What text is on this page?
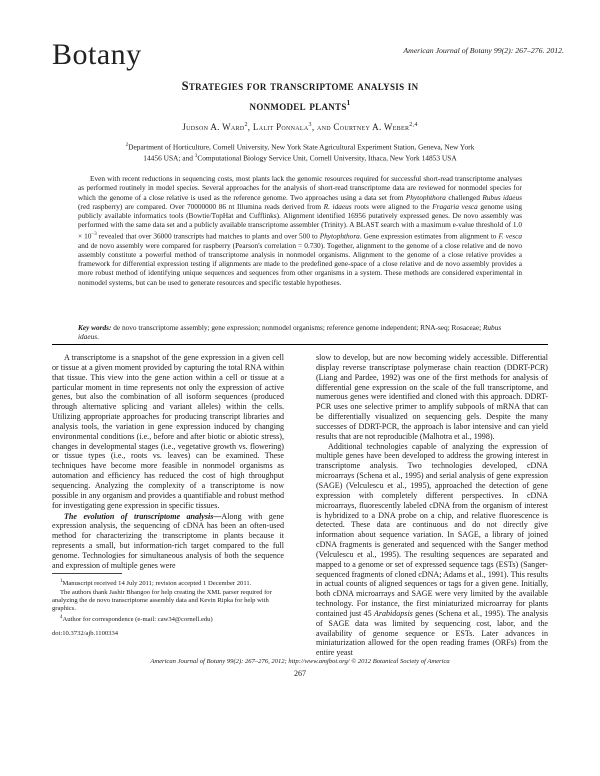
Botany	American Journal of Botany 99(2): 267–276. 2012.
Strategies for transcriptome analysis in
nonmodel plants$^1$
Judson A. Ward$^2$, Lalit Ponnala$^3$, and Courtney A. Weber$^{2,4}$
$^2$Department of Horticulture, Cornell University, New York State Agricultural Experiment Station, Geneva, New York 14456 USA; and $^3$Computational Biology Service Unit, Cornell University, Ithaca, New York 14853 USA
Even with recent reductions in sequencing costs, most plants lack the genomic resources required for successful short-read transcriptome analyses as performed routinely in model species. Several approaches for the analysis of short-read transcriptome data are reviewed for nonmodel species for which the genome of a close relative is used as the reference genome. Two approaches using a data set from Phytophthora challenged Rubus idaeus (red raspberry) are compared. Over 70000000 86 nt Illumina reads derived from R. idaeus roots were aligned to the Fragaria vesca genome using publicly available informatics tools (Bowtie/TopHat and Cufflinks). Alignment identified 16956 putatively expressed genes. De novo assembly was performed with the same data set and a publicly available transcriptome assembler (Trinity). A BLAST search with a maximum e-value threshold of $1.0 \times 10^{-3}$ revealed that over 36000 transcripts had matches to plants and over 500 to Phytophthora. Gene expression estimates from alignment to F. vesca and de novo assembly were compared for raspberry (Pearson's correlation = 0.730). Together, alignment to the genome of a close relative and de novo assembly constitute a powerful method of transcriptome analysis in nonmodel organisms. Alignment to the genome of a close relative provides a framework for differential expression testing if alignments are made to the predefined gene-space of a close relative and de novo assembly provides a more robust method of identifying unique sequences and sequences from other organisms in a system. These methods are considered experimental in nonmodel systems, but can be used to generate resources and specific testable hypotheses.
Key words: de novo transcriptome assembly; gene expression; nonmodel organisms; reference genome independent; RNA-seq; Rosaceae; Rubus idaeus.

A transcriptome is a snapshot of the gene expression in a given cell or tissue at a given moment provided by capturing the total RNA within that tissue. This view into the gene action within a cell or tissue at a particular moment in time represents not only the expression of active genes, but also the combination of all isoform sequences (produced through alternative splicing and variant alleles) within the cells. Utilizing appropriate approaches for producing transcript libraries and analysis tools, the variation in gene expression induced by changing environmental conditions (i.e., before and after biotic or abiotic stress), changes in developmental stages (i.e., vegetative growth vs. flowering) or tissue types (i.e., roots vs. leaves) can be examined. These techniques have become more feasible in nonmodel organisms as automation and efficiency has reduced the cost of high throughput sequencing. Analyzing the complexity of a transcriptome is now possible in any organism and provides a quantifiable and robust method for investigating gene expression in specific tissues.

The evolution of transcriptome analysis—Along with gene expression analysis, the sequencing of cDNA has been an often-used method for characterizing the transcriptome in plants because it represents a small, but information-rich target compared to the full genome. Technologies for simultaneous analysis of both the sequence and expression of multiple genes were

slow to develop, but are now becoming widely accessible. Differential display reverse transcriptase polymerase chain reaction (DDRT-PCR) (Liang and Pardee, 1992) was one of the first methods for analysis of differential gene expression on the scale of the full transcriptome, and numerous genes were identified and cloned with this approach. DDRT-PCR uses one selective primer to amplify subpools of mRNA that can be differentially visualized on sequencing gels. Despite the many successes of DDRT-PCR, the approach is labor intensive and can yield results that are not reproducible (Malhotra et al., 1998).

Additional technologies capable of analyzing the expression of multiple genes have been developed to address the growing interest in transcriptome analysis. Two technologies developed, cDNA microarrays (Schena et al., 1995) and serial analysis of gene expression (SAGE) (Velculescu et al., 1995), approached the detection of gene expression with completely different perspectives. In cDNA microarrays, fluorescently labeled cDNA from the organism of interest is hybridized to a DNA probe on a chip, and relative fluorescence is detected. These data are continuous and do not directly give information about sequence variation. In SAGE, a library of joined cDNA fragments is generated and sequenced with the Sanger method (Velculescu et al., 1995). The resulting sequences are separated and mapped to a genome or set of expressed sequence tags (ESTs) (Sanger-sequenced fragments of cloned cDNA; Adams et al., 1991). This results in actual counts of aligned sequences or tags for a given gene. Initially, both cDNA microarrays and SAGE were very limited by the available technology. For instance, the first miniaturized microarray for plants contained just 45 Arabidopsis genes (Schena et al., 1995). The analysis of SAGE data was limited by sequencing cost, labor, and the availability of genome sequence or ESTs. Later advances in miniaturization allowed for the open reading frames (ORFs) from the entire yeast

$^1$Manuscript received 14 July 2011; revision accepted 1 December 2011.

The authors thank Jashir Bhangoo for help creating the XML parser required for analyzing the de novo transcriptome assembly data and Kevin Ripka for help with graphics.

$^4$Author for correspondence (e-mail: caw34@cornell.edu)

doi:10.3732/ajb.1100334
American Journal of Botany 99(2): 267–276, 2012; http://www.amjbot.org/ © 2012 Botanical Society of America
267
